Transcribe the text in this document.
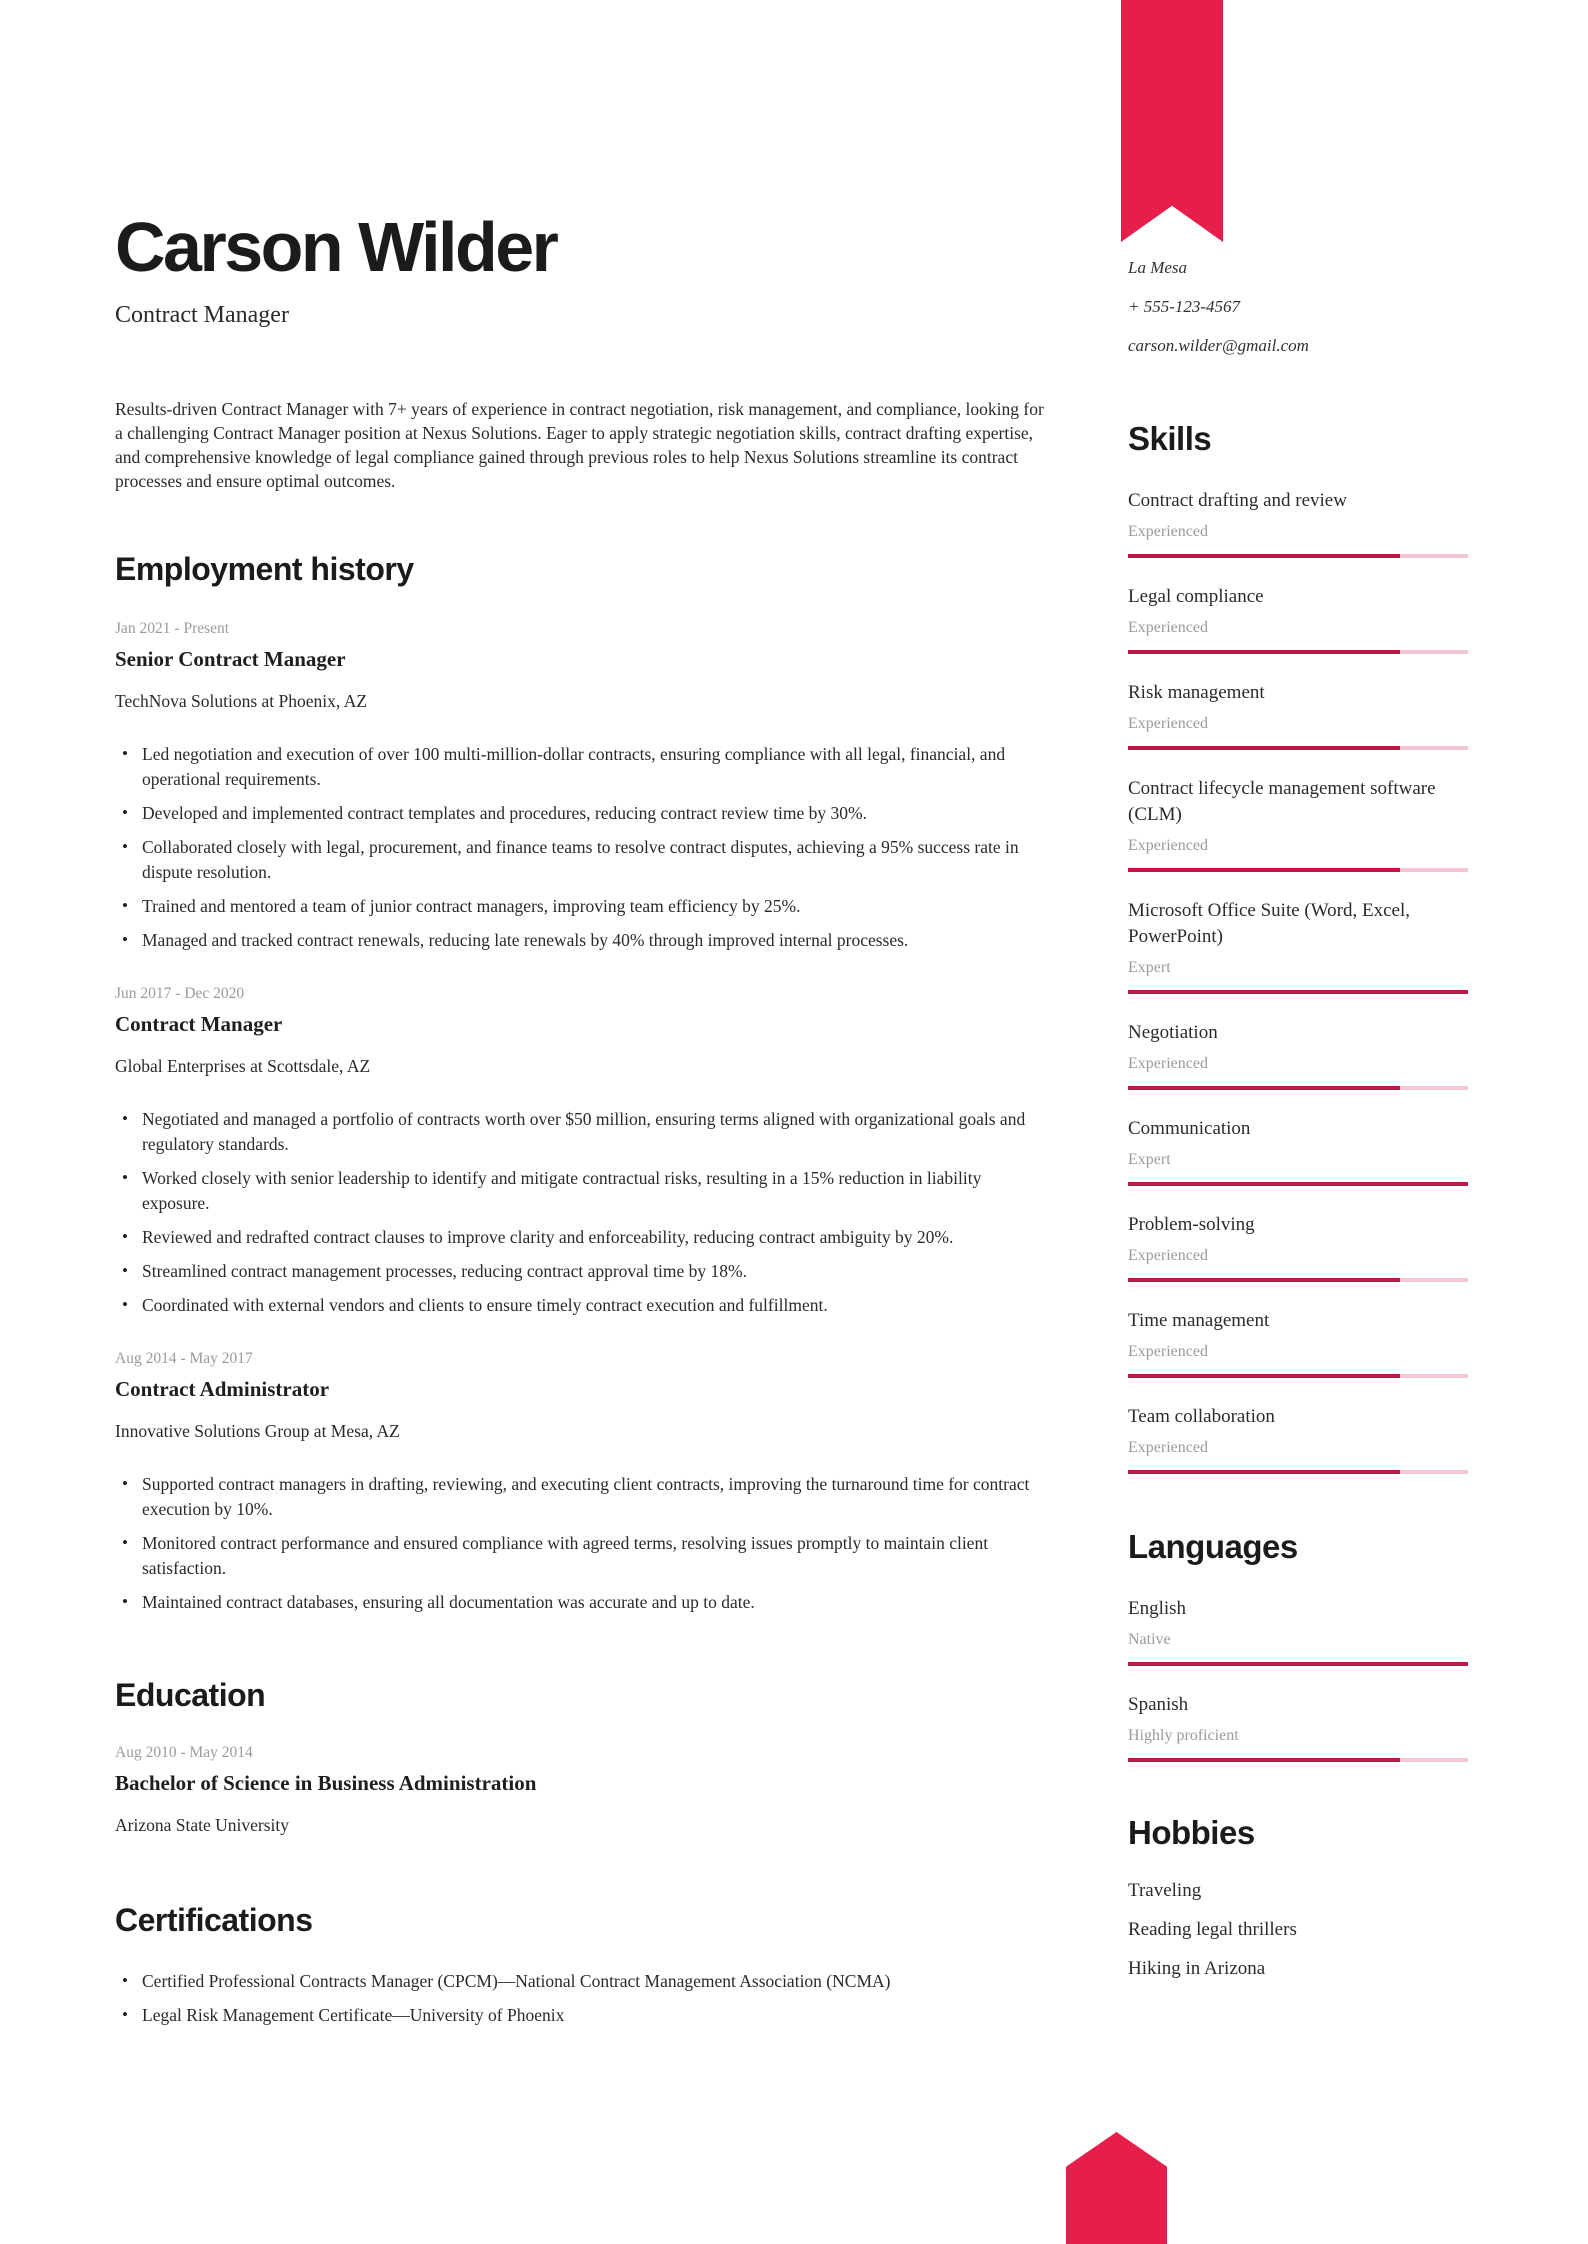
Carson Wilder
Contract Manager
Results-driven Contract Manager with 7+ years of experience in contract negotiation, risk management, and compliance, looking for a challenging Contract Manager position at Nexus Solutions. Eager to apply strategic negotiation skills, contract drafting expertise, and comprehensive knowledge of legal compliance gained through previous roles to help Nexus Solutions streamline its contract processes and ensure optimal outcomes.
Employment history
Jan 2021 - Present
Senior Contract Manager
TechNova Solutions at Phoenix, AZ
• Led negotiation and execution of over 100 multi-million-dollar contracts, ensuring compliance with all legal, financial, and operational requirements.
• Developed and implemented contract templates and procedures, reducing contract review time by 30%.
• Collaborated closely with legal, procurement, and finance teams to resolve contract disputes, achieving a 95% success rate in dispute resolution.
• Trained and mentored a team of junior contract managers, improving team efficiency by 25%.
• Managed and tracked contract renewals, reducing late renewals by 40% through improved internal processes.
Jun 2017 - Dec 2020
Contract Manager
Global Enterprises at Scottsdale, AZ
• Negotiated and managed a portfolio of contracts worth over $50 million, ensuring terms aligned with organizational goals and regulatory standards.
• Worked closely with senior leadership to identify and mitigate contractual risks, resulting in a 15% reduction in liability exposure.
• Reviewed and redrafted contract clauses to improve clarity and enforceability, reducing contract ambiguity by 20%.
• Streamlined contract management processes, reducing contract approval time by 18%.
• Coordinated with external vendors and clients to ensure timely contract execution and fulfillment.
Aug 2014 - May 2017
Contract Administrator
Innovative Solutions Group at Mesa, AZ
• Supported contract managers in drafting, reviewing, and executing client contracts, improving the turnaround time for contract execution by 10%.
• Monitored contract performance and ensured compliance with agreed terms, resolving issues promptly to maintain client satisfaction.
• Maintained contract databases, ensuring all documentation was accurate and up to date.
Education
Aug 2010 - May 2014
Bachelor of Science in Business Administration
Arizona State University
Certifications
• Certified Professional Contracts Manager (CPCM)—National Contract Management Association (NCMA)
• Legal Risk Management Certificate—University of Phoenix
La Mesa
+ 555-123-4567
carson.wilder@gmail.com
Skills
Contract drafting and review
Experienced
Legal compliance
Experienced
Risk management
Experienced
Contract lifecycle management software (CLM)
Experienced
Microsoft Office Suite (Word, Excel, PowerPoint)
Expert
Negotiation
Experienced
Communication
Expert
Problem-solving
Experienced
Time management
Experienced
Team collaboration
Experienced
Languages
English
Native
Spanish
Highly proficient
Hobbies
Traveling
Reading legal thrillers
Hiking in Arizona
